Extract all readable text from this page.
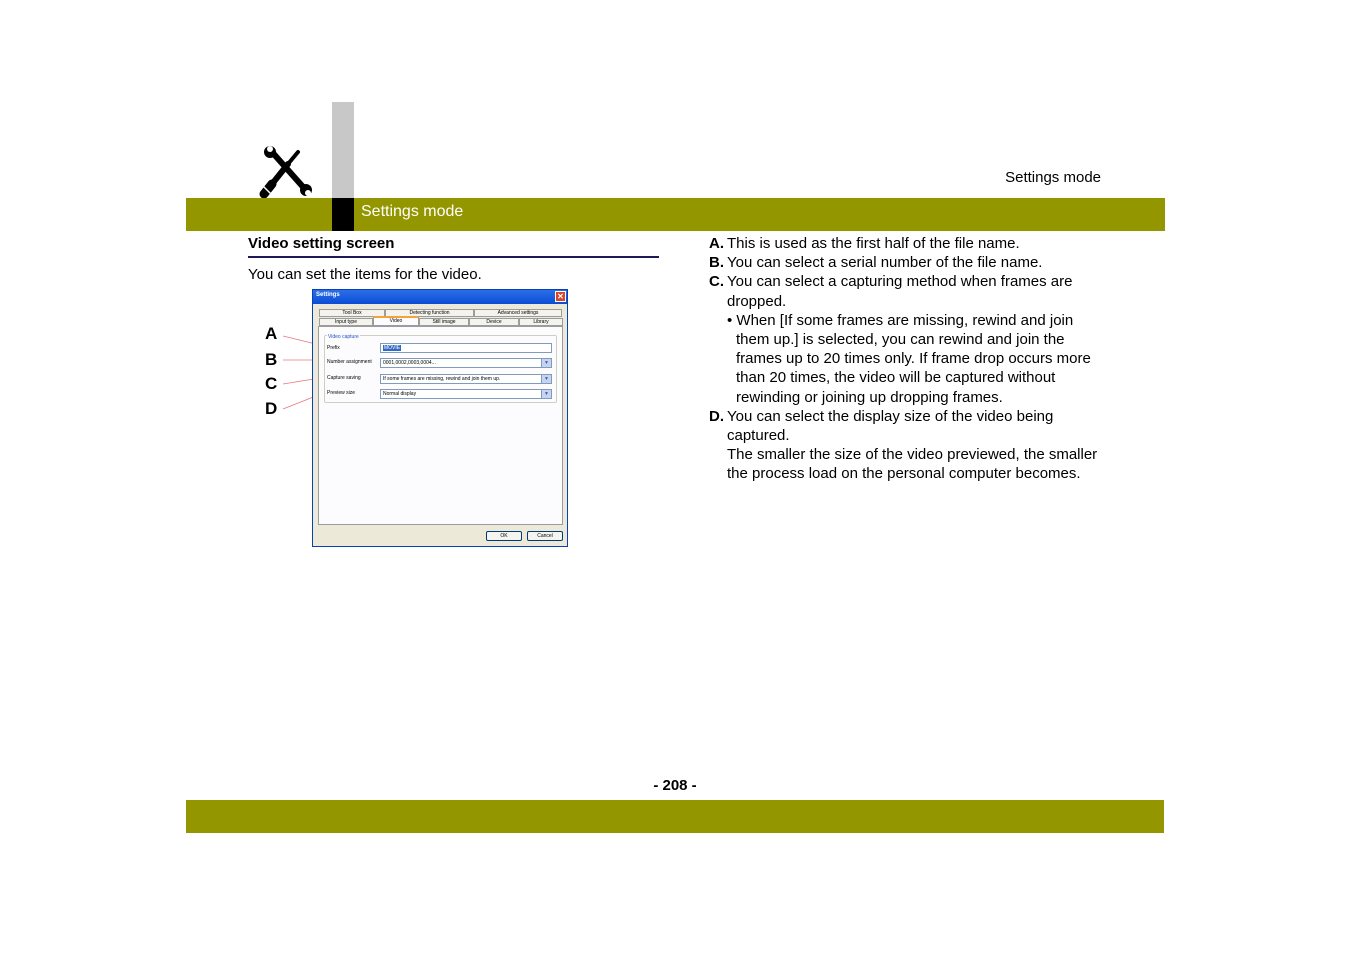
Settings mode
Settings mode
Video setting screen
You can set the items for the video.
A
B
C
D
Settings	✕
Tool Box	Detecting function	Advanced settings
Input type	Video	Still image	Device	Library
Video capture
Prefix	MOVIE
Number assignment	0001,0002,0003,0004...	▼
Capture saving	If some frames are missing, rewind and join them up.	▼
Preview size	Normal display	▼
OK	Cancel
A. This is used as the first half of the file name.
B. You can select a serial number of the file name.
C. You can select a capturing method when frames are dropped.
• When [If some frames are missing, rewind and join them up.] is selected, you can rewind and join the frames up to 20 times only. If frame drop occurs more than 20 times, the video will be captured without rewinding or joining up dropping frames.
D. You can select the display size of the video being captured.
The smaller the size of the video previewed, the smaller the process load on the personal computer becomes.
- 208 -
